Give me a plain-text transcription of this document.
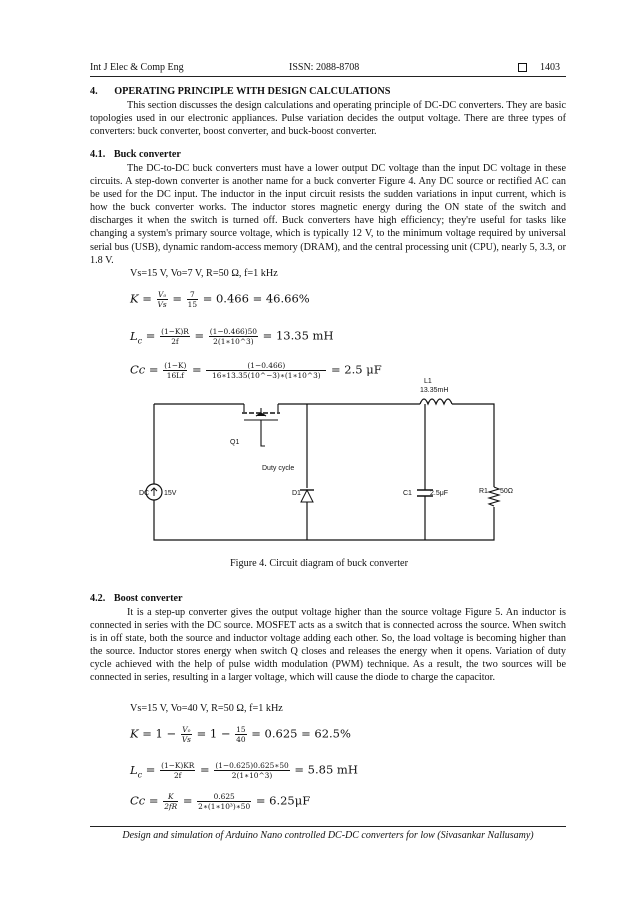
Int J Elec & Comp Eng	ISSN: 2088-8708	1403
4. OPERATING PRINCIPLE WITH DESIGN CALCULATIONS

This section discusses the design calculations and operating principle of DC-DC converters. They are basic topologies used in our electronic appliances. Pulse variation decides the output voltage. There are three types of converters: buck converter, boost converter, and buck-boost converter.

4.1. Buck converter

The DC-to-DC buck converters must have a lower output DC voltage than the input DC voltage in these circuits. A step-down converter is another name for a buck converter Figure 4. Any DC source or rectified AC can be used for the DC input. The inductor in the input circuit resists the sudden variations in input current, which is how the buck converter works. The inductor stores magnetic energy during the ON state of the switch and discharges it when the switch is turned off. Buck converters have high efficiency; they're useful for tasks like changing a system's primary source voltage, which is typically 12 V, to the minimum voltage required by universal serial bus (USB), dynamic random-access memory (DRAM), and the central processing unit (CPU), nearly 5, 3.3, or 1.8 V.

Vs=15 V, Vo=7 V, R=50 Ω, f=1 kHz
$K = \frac{\text{Vₒ}}{Vs} = \frac{7}{15} = 0.466 = 46.66\%$
$L_c = \frac{(1-K)R}{2f} = \frac{(1-0.466)50}{2(1∗10\^{}3)} = 13.35$ mH
$Cc = \frac{(1-K)}{16Lf} = \frac{(1-0.466)}{16∗13.35(10\^{}-3)∗(1∗10\^{}3)} = 2.5$ μF
L1
13.35mH
Q1
Duty cycle
DC 15V	D1	C1	2.5μF	R1 50Ω
Figure 4. Circuit diagram of buck converter
4.2. Boost converter

It is a step-up converter gives the output voltage higher than the source voltage Figure 5. An inductor is connected in series with the DC source. MOSFET acts as a switch that is connected across the source. When switch is in off state, both the source and inductor voltage adding each other. So, the load voltage is becoming higher than the source. Inductor stores energy when switch Q closes and releases the energy when it opens. Variation of duty cycle achieved with the help of pulse width modulation (PWM) technique. As a result, the two sources will be connected in series, resulting in a larger voltage, which will cause the diode to charge the capacitor.

Vs=15 V, Vo=40 V, R=50 Ω, f=1 kHz
$K = 1 - \frac{\text{Vₒ}}{Vs} = 1 - \frac{15}{40} = 0.625 = 62.5\%$
$L_c = \frac{(1-K)KR}{2f} = \frac{(1-0.625)0.625∗50}{2(1∗10\^{}3)} = 5.85$ mH
$Cc = \frac{K}{2fR} = \frac{0.625}{\text{2∗(1∗10³)∗50}} = 6.25\mu F$
Design and simulation of Arduino Nano controlled DC-DC converters for low (Sivasankar Nallusamy)
